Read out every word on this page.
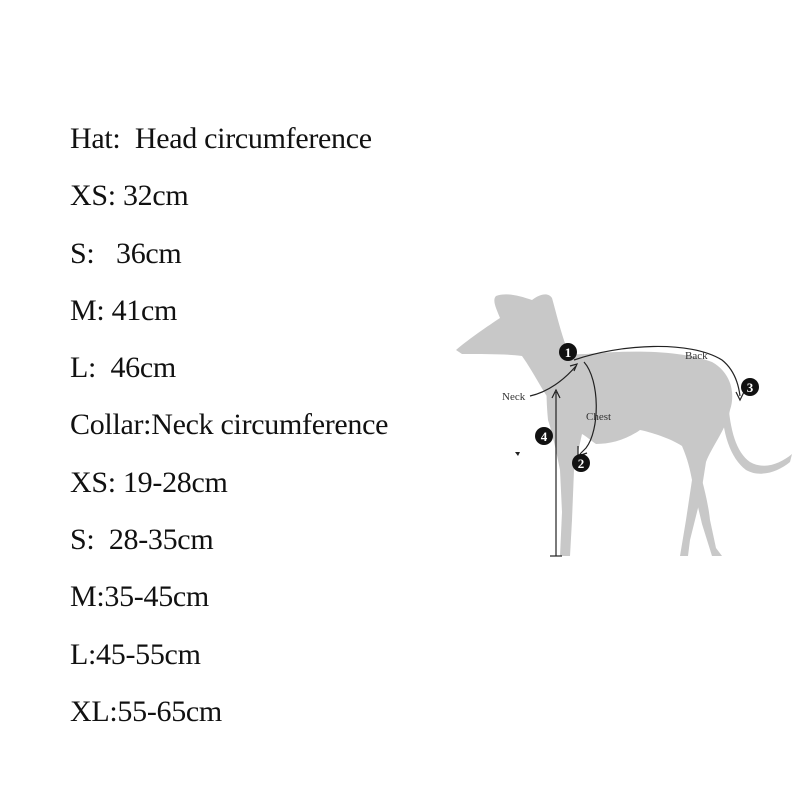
Hat:  Head circumference
XS: 32cm
S:   36cm
M: 41cm
L:  46cm
Collar:Neck circumference
XS: 19-28cm
S:  28-35cm
M:35-45cm
L:45-55cm
XL:55-65cm
Neck
Chest
Back
1
2
3
4
